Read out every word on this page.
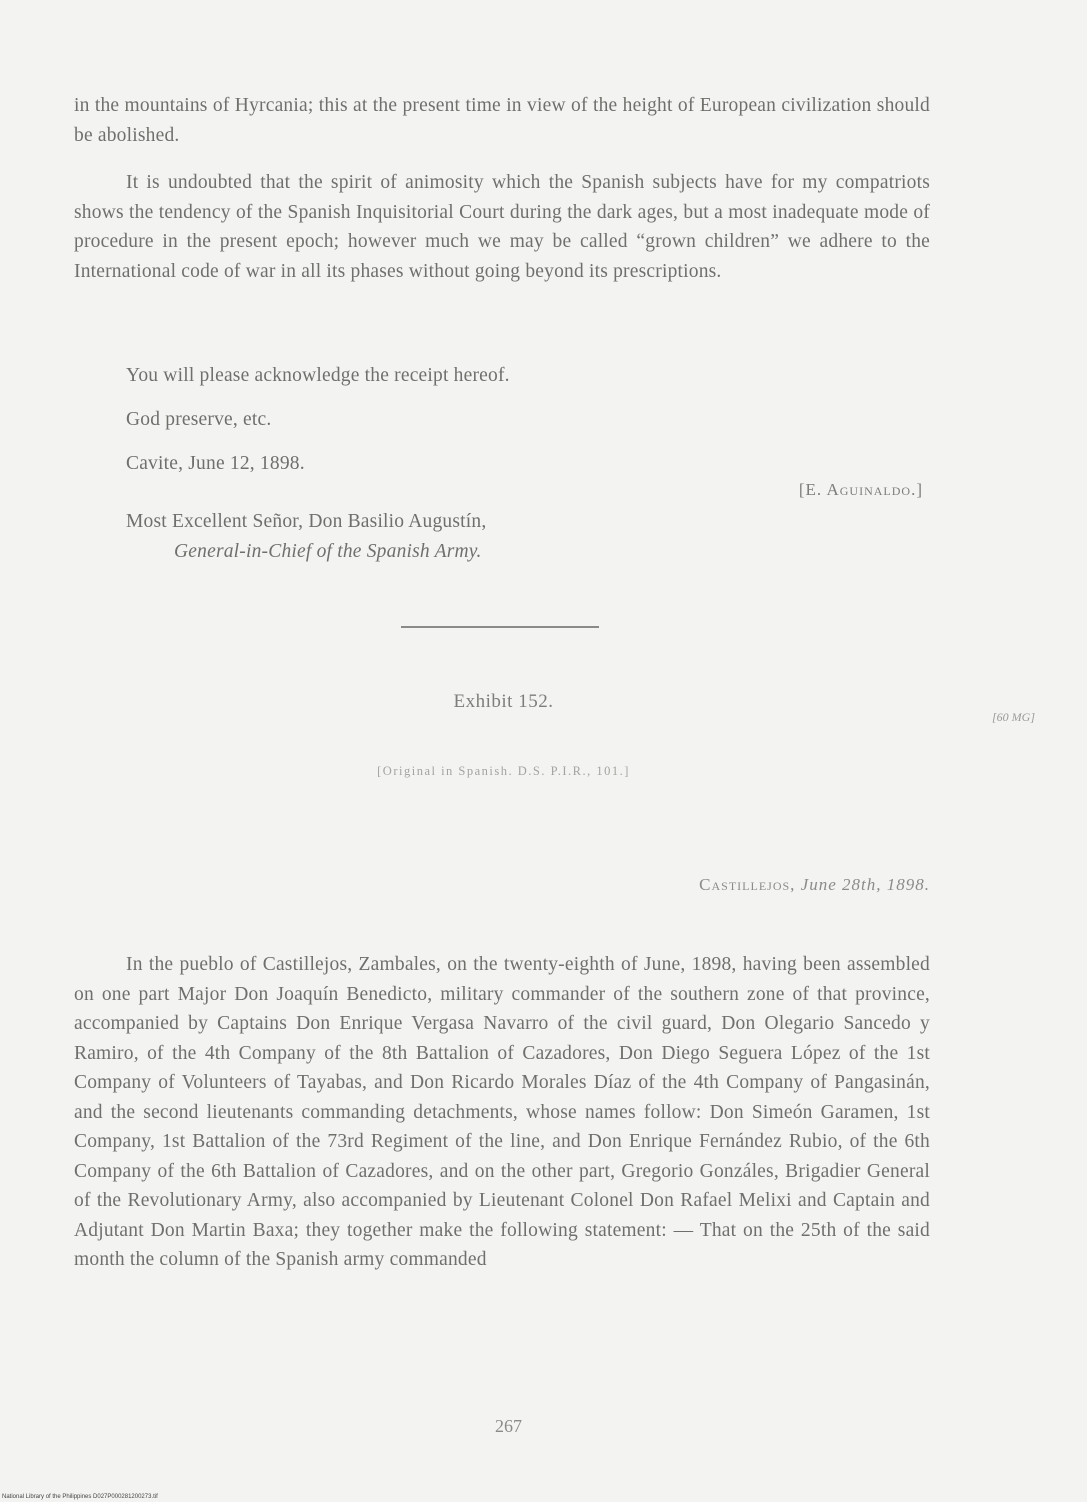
in the mountains of Hyrcania; this at the present time in view of the height of European civilization should be abolished.

It is undoubted that the spirit of animosity which the Spanish subjects have for my compatriots shows the tendency of the Spanish Inquisitorial Court during the dark ages, but a most inadequate mode of procedure in the present epoch; however much we may be called “grown children” we adhere to the International code of war in all its phases without going beyond its prescriptions.

You will please acknowledge the receipt hereof.
God preserve, etc.
Cavite, June 12, 1898.
[E. Aguinaldo.]
Most Excellent Señor, Don Basilio Augustín,
General-in-Chief of the Spanish Army.
Exhibit 152.
[60 MG]
[Original in Spanish. D.S. P.I.R., 101.]
Castillejos, June 28th, 1898.

In the pueblo of Castillejos, Zambales, on the twenty-eighth of June, 1898, having been assembled on one part Major Don Joaquín Benedicto, military commander of the southern zone of that province, accompanied by Captains Don Enrique Vergasa Navarro of the civil guard, Don Olegario Sancedo y Ramiro, of the 4th Company of the 8th Battalion of Cazadores, Don Diego Seguera López of the 1st Company of Volunteers of Tayabas, and Don Ricardo Morales Díaz of the 4th Company of Pangasinán, and the second lieutenants commanding detachments, whose names follow: Don Simeón Garamen, 1st Company, 1st Battalion of the 73rd Regiment of the line, and Don Enrique Fernández Rubio, of the 6th Company of the 6th Battalion of Cazadores, and on the other part, Gregorio Gonzáles, Brigadier General of the Revolutionary Army, also accompanied by Lieutenant Colonel Don Rafael Melixi and Captain and Adjutant Don Martin Baxa; they together make the following statement: — That on the 25th of the said month the column of the Spanish army commanded

267
National Library of the Philippines D027P000281200273.tif
